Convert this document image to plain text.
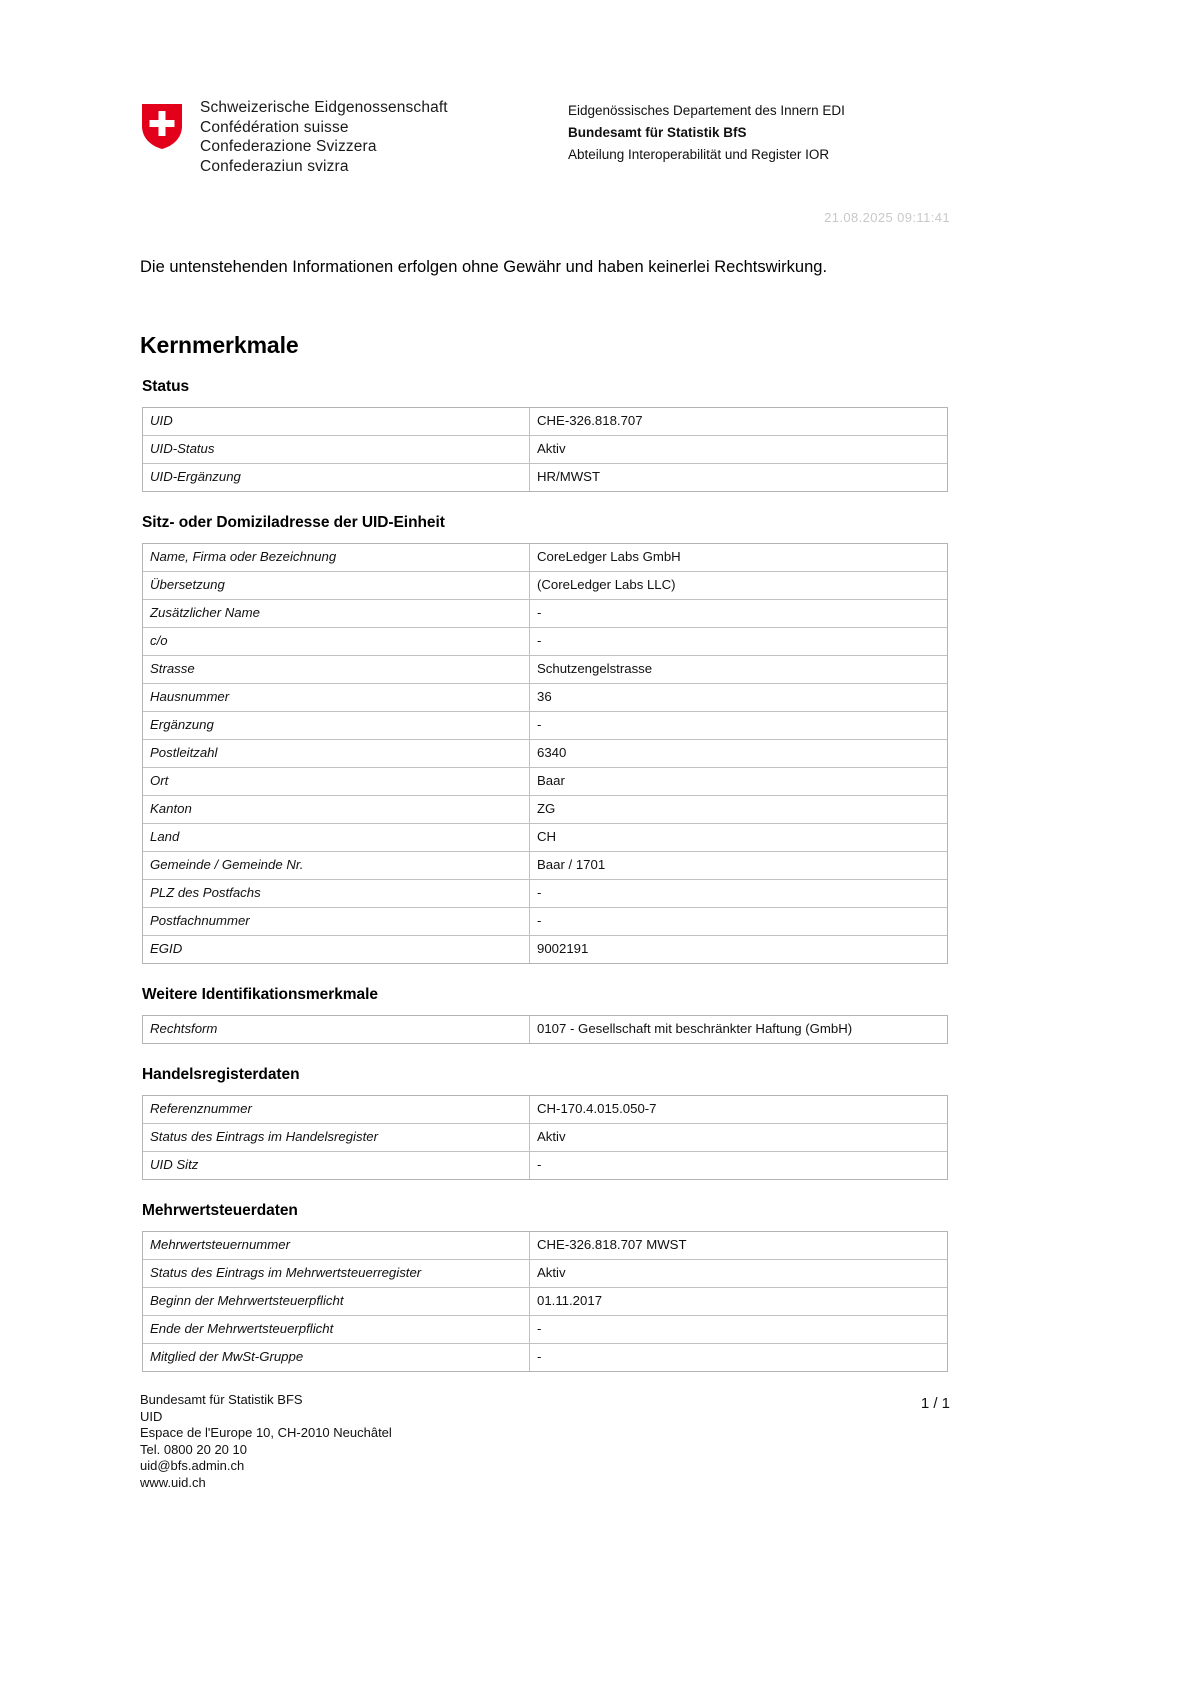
Schweizerische Eidgenossenschaft
Confédération suisse
Confederazione Svizzera
Confederaziun svizra
Eidgenössisches Departement des Innern EDI
Bundesamt für Statistik BfS
Abteilung Interoperabilität und Register IOR
21.08.2025 09:11:41
Die untenstehenden Informationen erfolgen ohne Gewähr und haben keinerlei Rechtswirkung.
Kernmerkmale
Status
UID	CHE-326.818.707
UID-Status	Aktiv
UID-Ergänzung	HR/MWST
Sitz- oder Domiziladresse der UID-Einheit
Name, Firma oder Bezeichnung	CoreLedger Labs GmbH
Übersetzung	(CoreLedger Labs LLC)
Zusätzlicher Name	-
c/o	-
Strasse	Schutzengelstrasse
Hausnummer	36
Ergänzung	-
Postleitzahl	6340
Ort	Baar
Kanton	ZG
Land	CH
Gemeinde / Gemeinde Nr.	Baar / 1701
PLZ des Postfachs	-
Postfachnummer	-
EGID	9002191
Weitere Identifikationsmerkmale
Rechtsform	0107 - Gesellschaft mit beschränkter Haftung (GmbH)
Handelsregisterdaten
Referenznummer	CH-170.4.015.050-7
Status des Eintrags im Handelsregister	Aktiv
UID Sitz	-
Mehrwertsteuerdaten
Mehrwertsteuernummer	CHE-326.818.707 MWST
Status des Eintrags im Mehrwertsteuerregister	Aktiv
Beginn der Mehrwertsteuerpflicht	01.11.2017
Ende der Mehrwertsteuerpflicht	-
Mitglied der MwSt-Gruppe	-
Bundesamt für Statistik BFS
UID
Espace de l'Europe 10, CH-2010 Neuchâtel
Tel. 0800 20 20 10
uid@bfs.admin.ch
www.uid.ch
1 / 1
